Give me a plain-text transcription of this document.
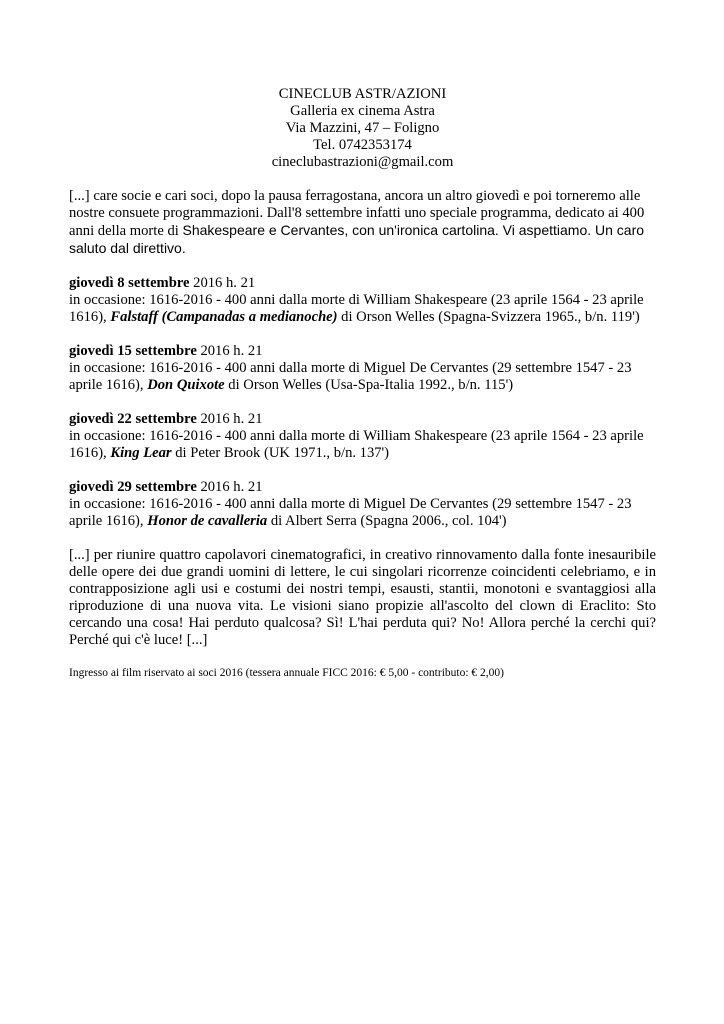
CINECLUB ASTR/AZIONI
Galleria ex cinema Astra
Via Mazzini, 47 – Foligno
Tel. 0742353174
cineclubastrazioni@gmail.com

[...] care socie e cari soci, dopo la pausa ferragostana, ancora un altro giovedì e poi torneremo alle nostre consuete programmazioni. Dall'8 settembre infatti uno speciale programma, dedicato ai 400 anni della morte di Shakespeare e Cervantes, con un'ironica cartolina. Vi aspettiamo. Un caro saluto dal direttivo.

giovedì 8 settembre 2016 h. 21
in occasione: 1616-2016 - 400 anni dalla morte di William Shakespeare (23 aprile 1564 - 23 aprile 1616), Falstaff (Campanadas a medianoche) di Orson Welles (Spagna-Svizzera 1965., b/n. 119')
giovedì 15 settembre 2016 h. 21
in occasione: 1616-2016 - 400 anni dalla morte di Miguel De Cervantes (29 settembre 1547 - 23 aprile 1616), Don Quixote di Orson Welles (Usa-Spa-Italia 1992., b/n. 115')
giovedì 22 settembre 2016 h. 21
in occasione: 1616-2016 - 400 anni dalla morte di William Shakespeare (23 aprile 1564 - 23 aprile 1616), King Lear di Peter Brook (UK 1971., b/n. 137')
giovedì 29 settembre 2016 h. 21
in occasione: 1616-2016 - 400 anni dalla morte di Miguel De Cervantes (29 settembre 1547 - 23 aprile 1616), Honor de cavalleria di Albert Serra (Spagna 2006., col. 104')

[...] per riunire quattro capolavori cinematografici, in creativo rinnovamento dalla fonte inesauribile delle opere dei due grandi uomini di lettere, le cui singolari ricorrenze coincidenti celebriamo, e in contrapposizione agli usi e costumi dei nostri tempi, esausti, stantii, monotoni e svantaggiosi alla riproduzione di una nuova vita. Le visioni siano propizie all'ascolto del clown di Eraclito: Sto cercando una cosa! Hai perduto qualcosa? Sì! L'hai perduta qui? No! Allora perché la cerchi qui? Perché qui c'è luce! [...]

Ingresso ai film riservato ai soci 2016 (tessera annuale FICC 2016: € 5,00 - contributo: € 2,00)
